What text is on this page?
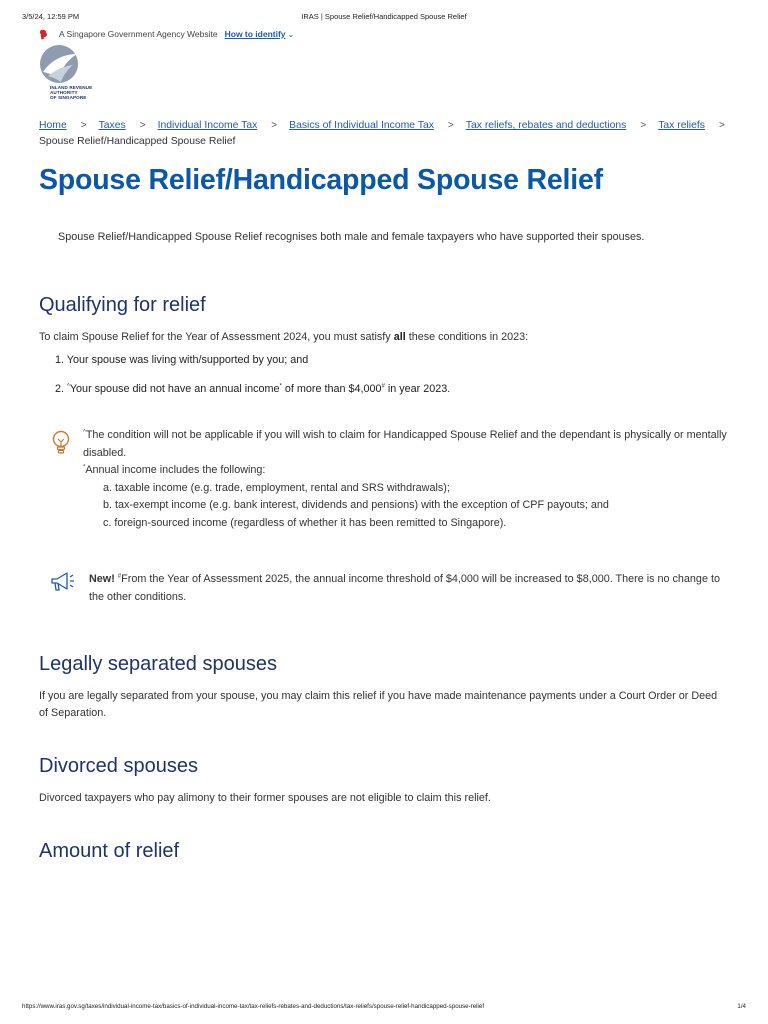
3/5/24, 12:59 PM	IRAS | Spouse Relief/Handicapped Spouse Relief
A Singapore Government Agency Website How to identify ⌄
INLAND REVENUE
AUTHORITY
OF SINGAPORE
Home > Taxes > Individual Income Tax > Basics of Individual Income Tax > Tax reliefs, rebates and deductions > Tax reliefs >
Spouse Relief/Handicapped Spouse Relief
Spouse Relief/Handicapped Spouse Relief
Spouse Relief/Handicapped Spouse Relief recognises both male and female taxpayers who have supported their spouses.
Qualifying for relief
To claim Spouse Relief for the Year of Assessment 2024, you must satisfy all these conditions in 2023:
1. Your spouse was living with/supported by you; and
2. ^Your spouse did not have an annual income* of more than $4,000# in year 2023.
^The condition will not be applicable if you will wish to claim for Handicapped Spouse Relief and the dependant is physically or mentally disabled.
*Annual income includes the following:
a. taxable income (e.g. trade, employment, rental and SRS withdrawals);
b. tax-exempt income (e.g. bank interest, dividends and pensions) with the exception of CPF payouts; and
c. foreign-sourced income (regardless of whether it has been remitted to Singapore).
New! #From the Year of Assessment 2025, the annual income threshold of $4,000 will be increased to $8,000. There is no change to the other conditions.
Legally separated spouses
If you are legally separated from your spouse, you may claim this relief if you have made maintenance payments under a Court Order or Deed of Separation.
Divorced spouses
Divorced taxpayers who pay alimony to their former spouses are not eligible to claim this relief.
Amount of relief
https://www.iras.gov.sg/taxes/individual-income-tax/basics-of-individual-income-tax/tax-reliefs-rebates-and-deductions/tax-reliefs/spouse-relief-handicapped-spouse-relief	1/4
